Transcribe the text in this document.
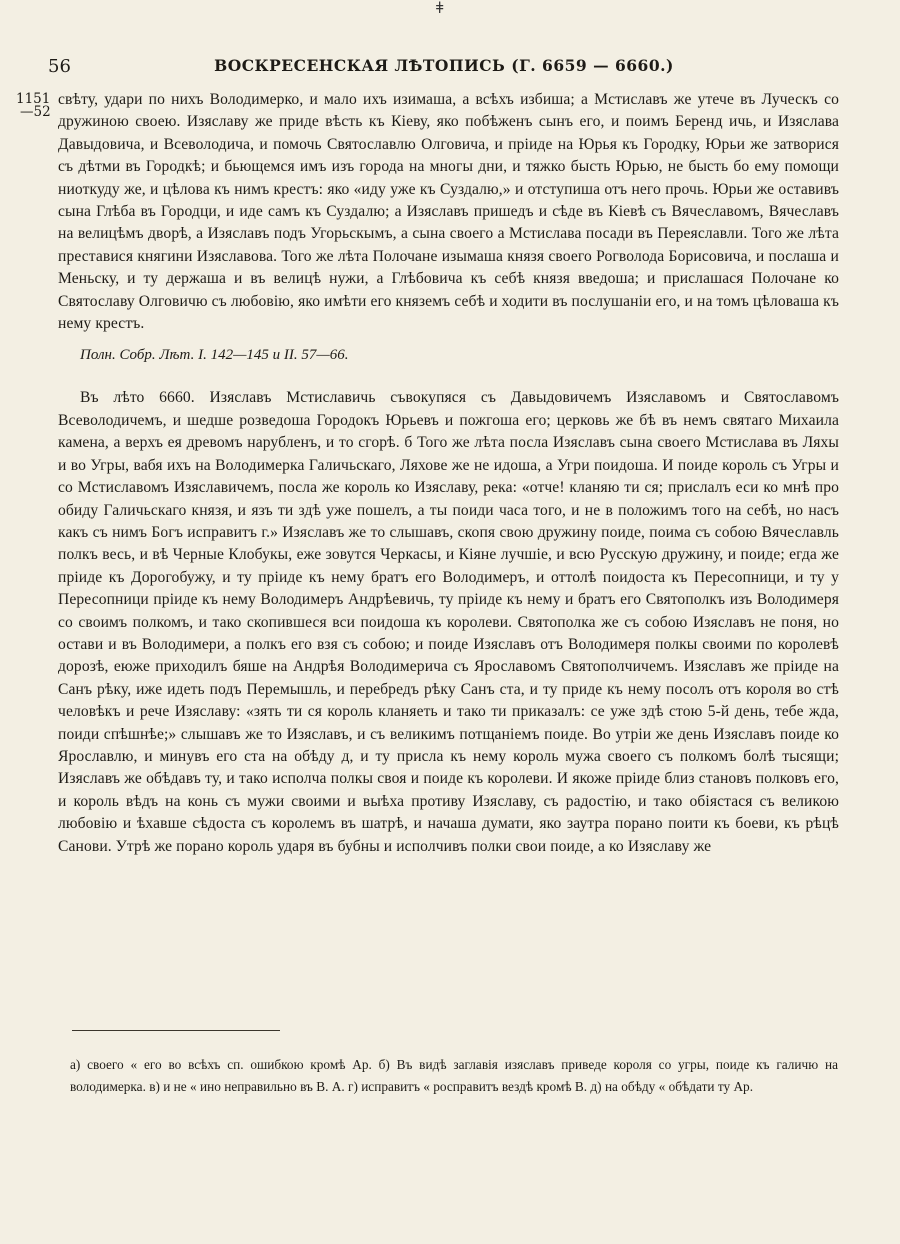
ǂ
56	ВОСКРЕСЕНСКАЯ ЛѢТОПИСЬ (Г. 6659 — 6660.)
1151
—52

свѣту, удари по нихъ Володимерко, и мало ихъ изимаша, а всѣхъ избиша; а Мстиславъ же утече въ Луческъ со дружиною своею. Изяславу же приде вѣсть къ Кіеву, яко побѣженъ сынъ его, и поимъ Беренд ичь, и Изяслава Давыдовича, и Всеволодича, и помочь Святославлю Олговича, и пріиде на Юрья къ Городку, Юрьи же затворися съ дѣтми въ Городкѣ; и бьющемся имъ изъ города на многы дни, и тяжко бысть Юрью, не бысть бо ему помощи ниоткуду же, и цѣлова къ нимъ крестъ: яко «иду уже къ Суздалю,» и отступиша отъ него прочь. Юрьи же оставивъ сына Глѣба въ Городци, и иде самъ къ Суздалю; а Изяславъ пришедъ и сѣде въ Кіевѣ съ Вячеславомъ, Вячеславъ на велицѣмъ дворѣ, а Изяславъ подъ Угорьскымъ, а сына своего а Мстислава посади въ Переяславли. Того же лѣта преставися княгини Изяславова. Того же лѣта Полочане изымаша князя своего Рогволода Борисовича, и послаша и Меньску, и ту держаша и въ велицѣ нужи, а Глѣбовича къ себѣ князя введоша; и прислашася Полочане ко Святославу Олговичю съ любовію, яко имѣти его княземъ себѣ и ходити въ послушаніи его, и на томъ цѣловаша къ нему крестъ.

Полн. Собр. Лѣт. I. 142—145 и II. 57—66.

Въ лѣто 6660. Изяславъ Мстиславичь съвокупяся съ Давыдовичемъ Изяславомъ и Святославомъ Всеволодичемъ, и шедше розведоша Городокъ Юрьевъ и пожгоша его; церковь же бѣ въ немъ святаго Михаила камена, а верхъ ея древомъ нарубленъ, и то сгорѣ. б Того же лѣта посла Изяславъ сына своего Мстислава въ Ляхы и во Угры, вабя ихъ на Володимерка Галичьскаго, Ляхове же не идоша, а Угри поидоша. И поиде король съ Угры и со Мстиславомъ Изяславичемъ, посла же король ко Изяславу, река: «отче! кланяю ти ся; прислалъ еси ко мнѣ про обиду Галичьскаго князя, и язъ ти здѣ уже пошелъ, а ты поиди часа того, и не в положимъ того на себѣ, но насъ какъ съ нимъ Богъ исправитъ г.» Изяславъ же то слышавъ, скопя свою дружину поиде, поима съ собою Вячеславль полкъ весь, и вѣ Черные Клобукы, еже зовутся Черкасы, и Кіяне лучшіе, и всю Русскую дружину, и поиде; егда же пріиде къ Дорогобужу, и ту пріиде къ нему братъ его Володимеръ, и оттолѣ поидоста къ Пересопници, и ту у Пересопници пріиде къ нему Володимеръ Андрѣевичь, ту пріиде къ нему и братъ его Святополкъ изъ Володимеря со своимъ полкомъ, и тако скопившеся вси поидоша къ королеви. Святополка же съ собою Изяславъ не поня, но остави и въ Володимери, а полкъ его взя съ собою; и поиде Изяславъ отъ Володимеря полкы своими по королевѣ дорозѣ, еюже приходилъ бяше на Андрѣя Володимерича съ Ярославомъ Святополчичемъ. Изяславъ же пріиде на Санъ рѣку, иже идеть подъ Перемышль, и перебредъ рѣку Санъ ста, и ту приде къ нему посолъ отъ короля во стѣ человѣкъ и рече Изяславу: «зять ти ся король кланяеть и тако ти приказалъ: се уже здѣ стою 5-й день, тебе жда, поиди спѣшнѣе;» слышавъ же то Изяславъ, и съ великимъ потщаніемъ поиде. Во утріи же день Изяславъ поиде ко Ярославлю, и минувъ его ста на обѣду д, и ту присла къ нему король мужа своего съ полкомъ болѣ тысящи; Изяславъ же обѣдавъ ту, и тако исполча полкы своя и поиде къ королеви. И якоже пріиде близ становъ полковъ его, и король вѣдъ на конь съ мужи своими и выѣха противу Изяславу, съ радостію, и тако обіястася съ великою любовію и ѣхавше сѣдоста съ королемъ въ шатрѣ, и начаша думати, яко заутра порано поити къ боеви, къ рѣцѣ Санови. Утрѣ же порано король ударя въ бубны и исполчивъ полки свои поиде, а ко Изяславу же

а) своего « его во всѣхъ сп. ошибкою кромѣ Ар. б) Въ видѣ заглавія изяславъ приведе короля со угры, поиде къ галичю на володимерка. в) и не « ино неправильно въ В. А. г) исправитъ « росправитъ вездѣ кромѣ В. д) на обѣду « обѣдати ту Ар.
